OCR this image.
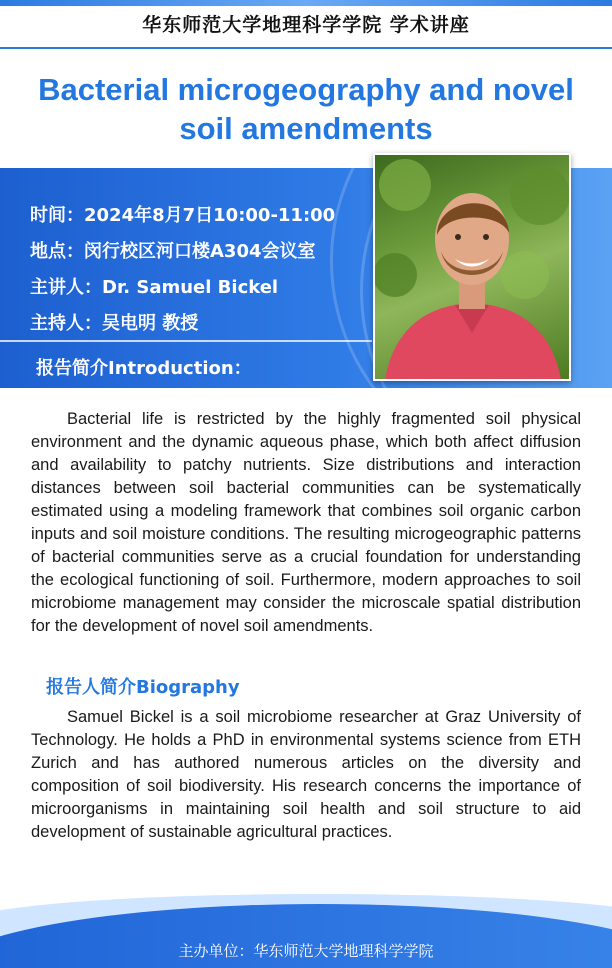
华东师范大学地理科学学院 学术讲座
Bacterial microgeography and novel
soil amendments
时间：2024年8月7日10:00-11:00
地点：闵行校区河口楼A304会议室
主讲人：Dr. Samuel Bickel
主持人：吴电明 教授
报告简介Introduction：

Bacterial life is restricted by the highly fragmented soil physical environment and the dynamic aqueous phase, which both affect diffusion and availability to patchy nutrients. Size distributions and interaction distances between soil bacterial communities can be systematically estimated using a modeling framework that combines soil organic carbon inputs and soil moisture conditions. The resulting microgeographic patterns of bacterial communities serve as a crucial foundation for understanding the ecological functioning of soil. Furthermore, modern approaches to soil microbiome management may consider the microscale spatial distribution for the development of novel soil amendments.

报告人简介Biography

Samuel Bickel is a soil microbiome researcher at Graz University of Technology. He holds a PhD in environmental systems science from ETH Zurich and has authored numerous articles on the diversity and composition of soil biodiversity. His research concerns the importance of microorganisms in maintaining soil health and soil structure to aid development of sustainable agricultural practices.

主办单位：华东师范大学地理科学学院
